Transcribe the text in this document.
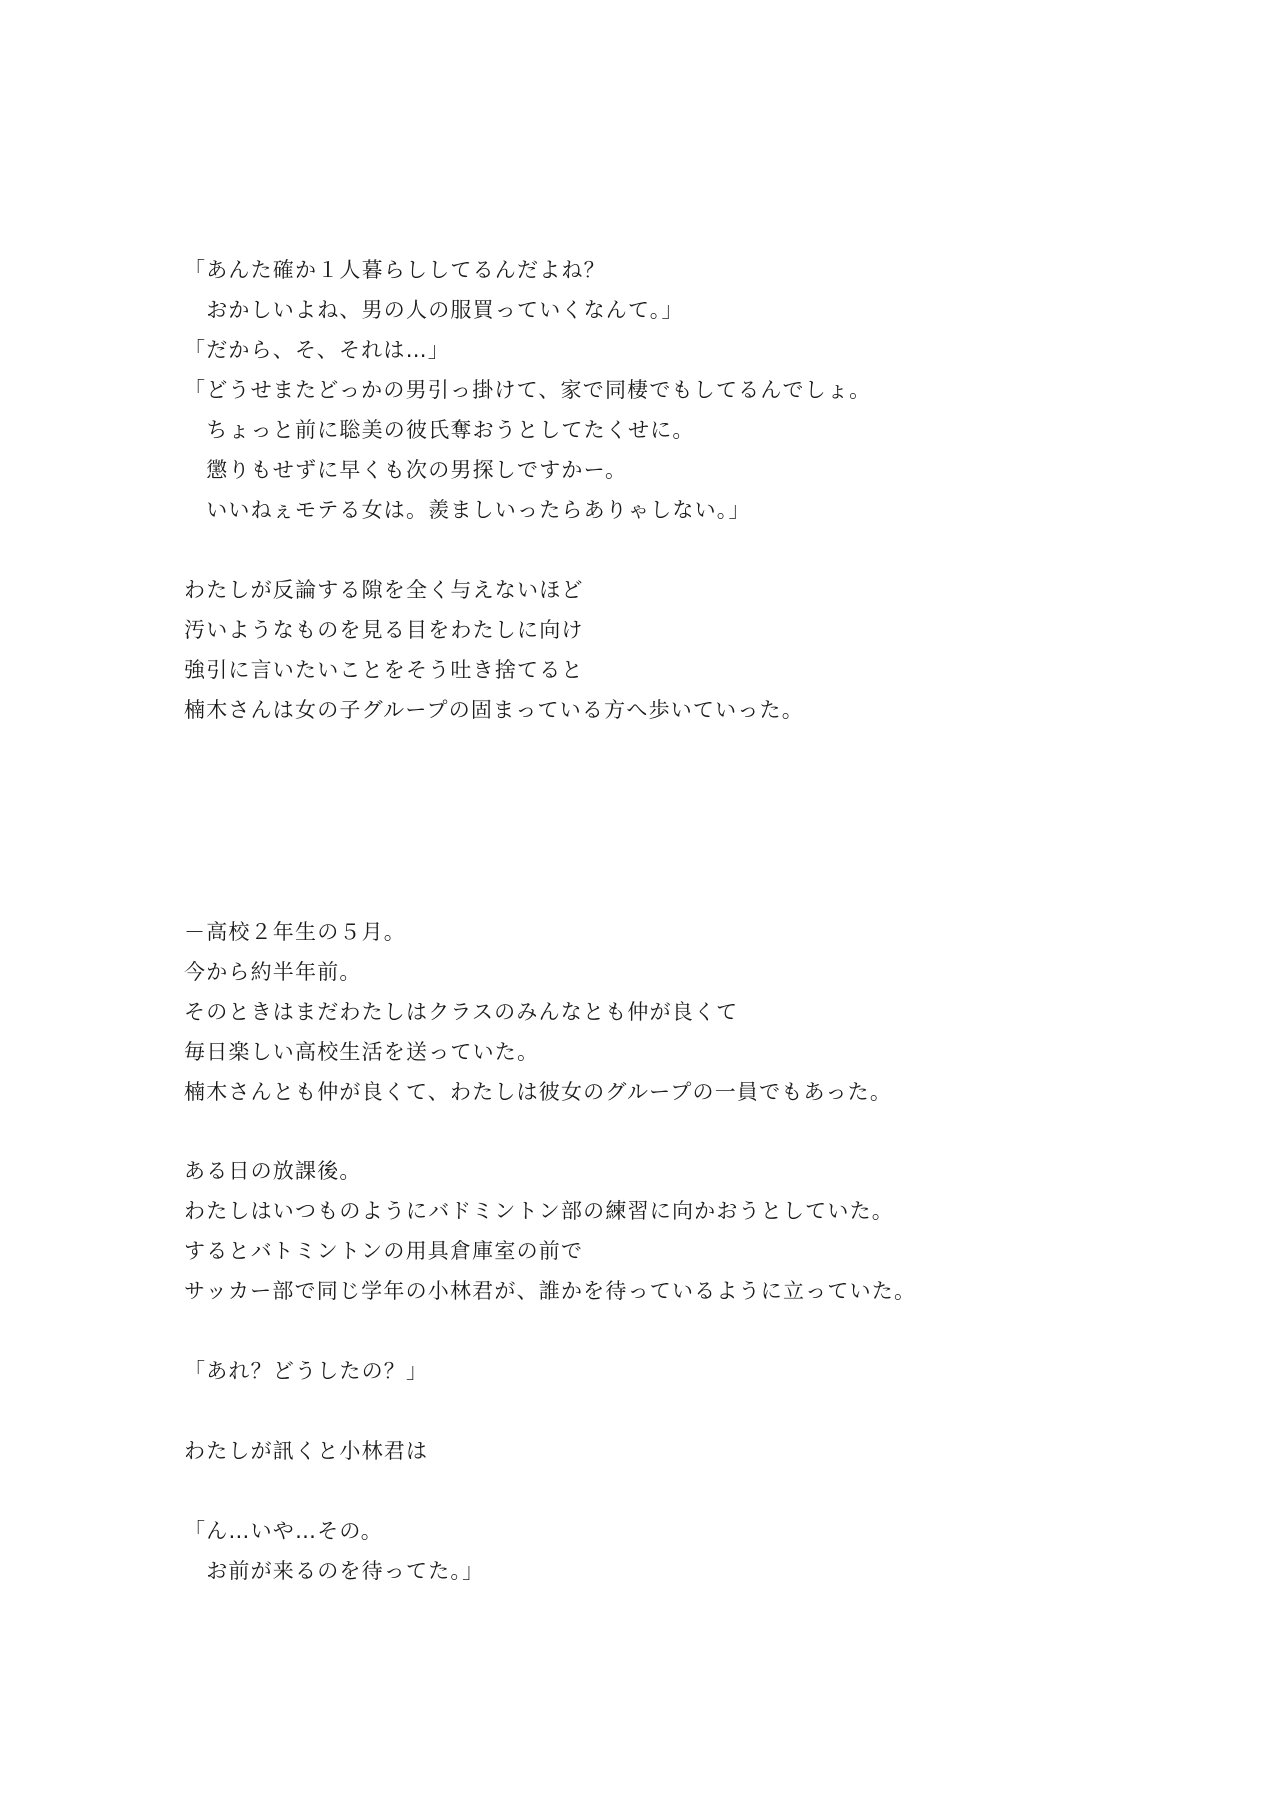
「あんた確か１人暮らししてるんだよね？
　おかしいよね、男の人の服買っていくなんて。」
「だから、そ、それは…」
「どうせまたどっかの男引っ掛けて、家で同棲でもしてるんでしょ。
　ちょっと前に聡美の彼氏奪おうとしてたくせに。
　懲りもせずに早くも次の男探しですかー。
　いいねぇモテる女は。羨ましいったらありゃしない。」
わたしが反論する隙を全く与えないほど
汚いようなものを見る目をわたしに向け
強引に言いたいことをそう吐き捨てると
楠木さんは女の子グループの固まっている方へ歩いていった。
－高校２年生の５月。
今から約半年前。
そのときはまだわたしはクラスのみんなとも仲が良くて
毎日楽しい高校生活を送っていた。
楠木さんとも仲が良くて、わたしは彼女のグループの一員でもあった。
ある日の放課後。
わたしはいつものようにバドミントン部の練習に向かおうとしていた。
するとバトミントンの用具倉庫室の前で
サッカー部で同じ学年の小林君が、誰かを待っているように立っていた。
「あれ？どうしたの？」
わたしが訊くと小林君は
「ん…いや…その。
　お前が来るのを待ってた。」
